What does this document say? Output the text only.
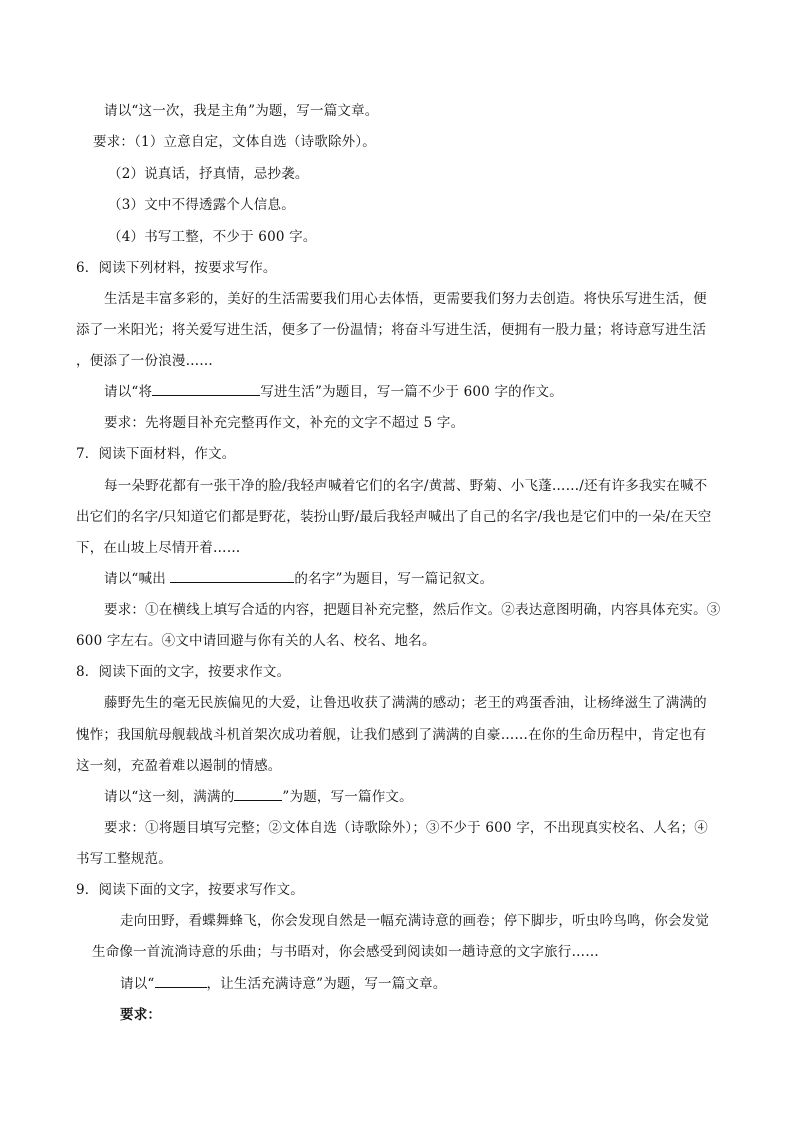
请以“这一次，我是主角”为题，写一篇文章。
要求：（1）立意自定，文体自选（诗歌除外）。
（2）说真话，抒真情，忌抄袭。
（3）文中不得透露个人信息。
（4）书写工整，不少于 600 字。
6．阅读下列材料，按要求写作。
生活是丰富多彩的，美好的生活需要我们用心去体悟，更需要我们努力去创造。将快乐写进生活，便
添了一米阳光；将关爱写进生活，便多了一份温情；将奋斗写进生活，便拥有一股力量；将诗意写进生活
，便添了一份浪漫……
请以“将	写进生活”为题目，写一篇不少于 600 字的作文。
要求：先将题目补充完整再作文，补充的文字不超过 5 字。
7．阅读下面材料，作文。
每一朵野花都有一张干净的脸/我轻声喊着它们的名字/黄蒿、野菊、小飞蓬……/还有许多我实在喊不
出它们的名字/只知道它们都是野花，装扮山野/最后我轻声喊出了自己的名字/我也是它们中的一朵/在天空
下，在山坡上尽情开着……
请以“喊出	的名字”为题目，写一篇记叙文。
要求：①在横线上填写合适的内容，把题目补充完整，然后作文。②表达意图明确，内容具体充实。③
600 字左右。④文中请回避与你有关的人名、校名、地名。
8．阅读下面的文字，按要求作文。
藤野先生的毫无民族偏见的大爱，让鲁迅收获了满满的感动；老王的鸡蛋香油，让杨绛滋生了满满的
愧怍；我国航母舰载战斗机首架次成功着舰，让我们感到了满满的自豪……在你的生命历程中，肯定也有
这一刻，充盈着难以遏制的情感。
请以“这一刻，满满的	”为题，写一篇作文。
要求：①将题目填写完整；②文体自选（诗歌除外）；③不少于 600 字，不出现真实校名、人名；④
书写工整规范。
9．阅读下面的文字，按要求写作文。
走向田野，看蝶舞蜂飞，你会发现自然是一幅充满诗意的画卷；停下脚步，听虫吟鸟鸣，你会发觉
生命像一首流淌诗意的乐曲；与书晤对，你会感受到阅读如一趟诗意的文字旅行……
请以“	，让生活充满诗意”为题，写一篇文章。
要求：
